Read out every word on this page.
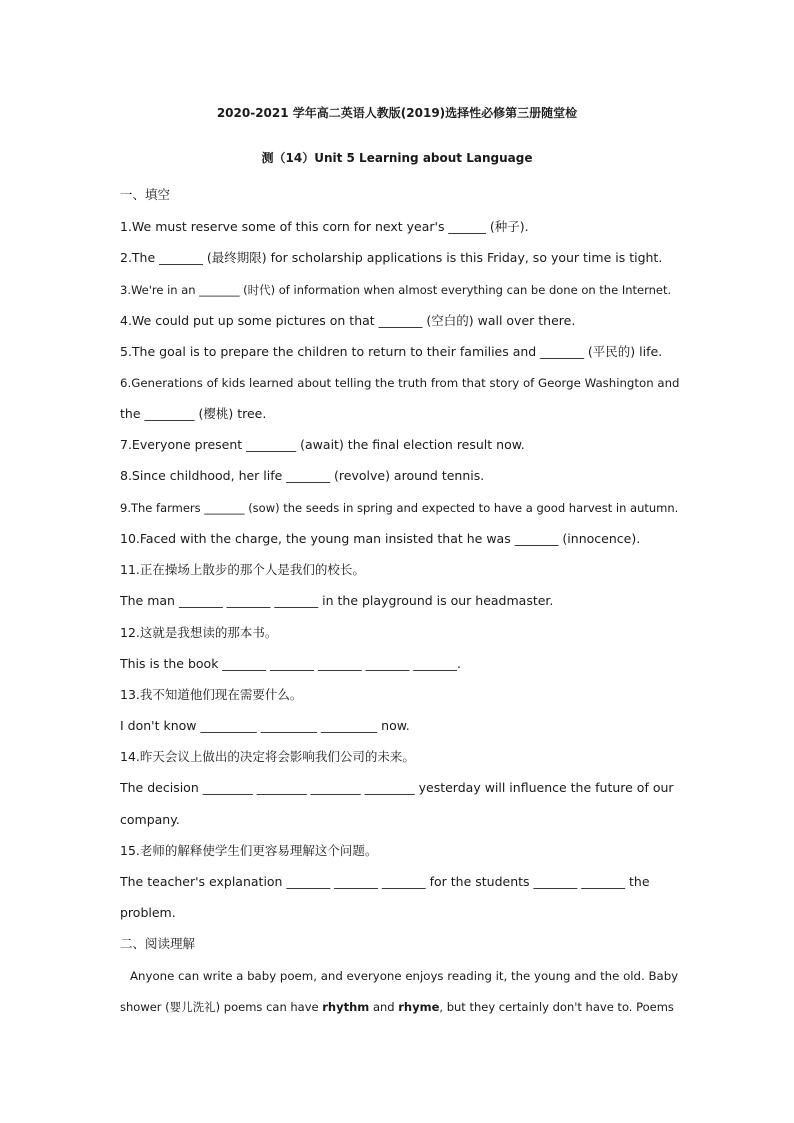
2020-2021 学年高二英语人教版(2019)选择性必修第三册随堂检
测（14）Unit 5 Learning about Language
一、填空
1.We must reserve some of this corn for next year's ______ (种子).
2.The _______ (最终期限) for scholarship applications is this Friday, so your time is tight.
3.We're in an _______ (时代) of information when almost everything can be done on the Internet.
4.We could put up some pictures on that _______ (空白的) wall over there.
5.The goal is to prepare the children to return to their families and _______ (平民的) life.
6.Generations of kids learned about telling the truth from that story of George Washington and
the ________ (樱桃) tree.
7.Everyone present ________ (await) the final election result now.
8.Since childhood, her life _______ (revolve) around tennis.
9.The farmers _______ (sow) the seeds in spring and expected to have a good harvest in autumn.
10.Faced with the charge, the young man insisted that he was _______ (innocence).
11.正在操场上散步的那个人是我们的校长。
The man _______ _______ _______ in the playground is our headmaster.
12.这就是我想读的那本书。
This is the book _______ _______ _______ _______ _______.
13.我不知道他们现在需要什么。
I don't know _________ _________ _________ now.
14.昨天会议上做出的决定将会影响我们公司的未来。
The decision ________ ________ ________ ________ yesterday will influence the future of our
company.
15.老师的解释使学生们更容易理解这个问题。
The teacher's explanation _______ _______ _______ for the students _______ _______ the
problem.
二、阅读理解
Anyone can write a baby poem, and everyone enjoys reading it, the young and the old. Baby
shower (婴儿洗礼) poems can have rhythm and rhyme, but they certainly don't have to. Poems
